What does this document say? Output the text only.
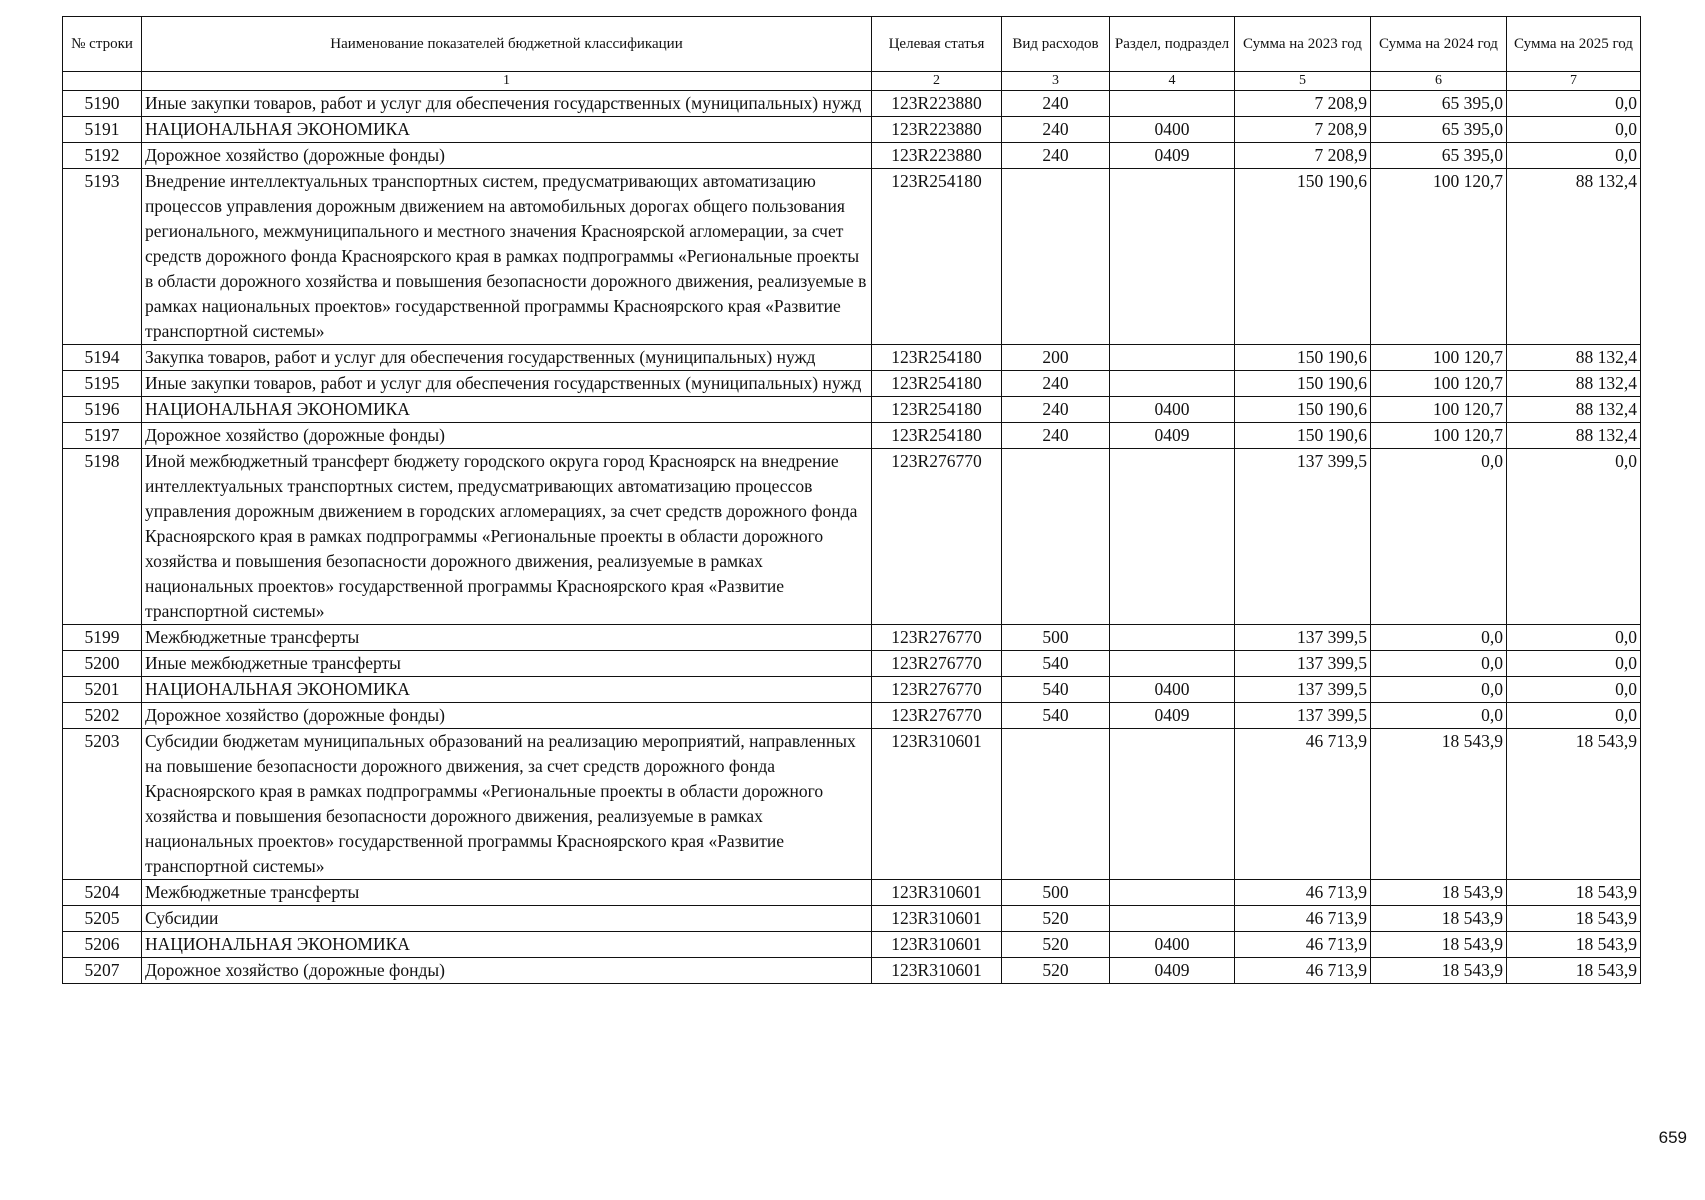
№ строки	Наименование показателей бюджетной классификации	Целевая статья	Вид расходов	Раздел, подраздел	Сумма на 2023 год	Сумма на 2024 год	Сумма на 2025 год
	1	2	3	4	5	6	7
5190	Иные закупки товаров, работ и услуг для обеспечения государственных (муниципальных) нужд	123R223880	240		7 208,9	65 395,0	0,0
5191	НАЦИОНАЛЬНАЯ ЭКОНОМИКА	123R223880	240	0400	7 208,9	65 395,0	0,0
5192	Дорожное хозяйство (дорожные фонды)	123R223880	240	0409	7 208,9	65 395,0	0,0
5193	Внедрение интеллектуальных транспортных систем, предусматривающих автоматизацию процессов управления дорожным движением на автомобильных дорогах общего пользования регионального, межмуниципального и местного значения Красноярской агломерации, за счет средств дорожного фонда Красноярского края в рамках подпрограммы «Региональные проекты в области дорожного хозяйства и повышения безопасности дорожного движения, реализуемые в рамках национальных проектов» государственной программы Красноярского края «Развитие транспортной системы»	123R254180			150 190,6	100 120,7	88 132,4
5194	Закупка товаров, работ и услуг для обеспечения государственных (муниципальных) нужд	123R254180	200		150 190,6	100 120,7	88 132,4
5195	Иные закупки товаров, работ и услуг для обеспечения государственных (муниципальных) нужд	123R254180	240		150 190,6	100 120,7	88 132,4
5196	НАЦИОНАЛЬНАЯ ЭКОНОМИКА	123R254180	240	0400	150 190,6	100 120,7	88 132,4
5197	Дорожное хозяйство (дорожные фонды)	123R254180	240	0409	150 190,6	100 120,7	88 132,4
5198	Иной межбюджетный трансферт бюджету городского округа город Красноярск на внедрение интеллектуальных транспортных систем, предусматривающих автоматизацию процессов управления дорожным движением в городских агломерациях, за счет средств дорожного фонда Красноярского края в рамках подпрограммы «Региональные проекты в области дорожного хозяйства и повышения безопасности дорожного движения, реализуемые в рамках национальных проектов» государственной программы Красноярского края «Развитие транспортной системы»	123R276770			137 399,5	0,0	0,0
5199	Межбюджетные трансферты	123R276770	500		137 399,5	0,0	0,0
5200	Иные межбюджетные трансферты	123R276770	540		137 399,5	0,0	0,0
5201	НАЦИОНАЛЬНАЯ ЭКОНОМИКА	123R276770	540	0400	137 399,5	0,0	0,0
5202	Дорожное хозяйство (дорожные фонды)	123R276770	540	0409	137 399,5	0,0	0,0
5203	Субсидии бюджетам муниципальных образований на реализацию мероприятий, направленных на повышение безопасности дорожного движения, за счет средств дорожного фонда Красноярского края в рамках подпрограммы «Региональные проекты в области дорожного хозяйства и повышения безопасности дорожного движения, реализуемые в рамках национальных проектов» государственной программы Красноярского края «Развитие транспортной системы»	123R310601			46 713,9	18 543,9	18 543,9
5204	Межбюджетные трансферты	123R310601	500		46 713,9	18 543,9	18 543,9
5205	Субсидии	123R310601	520		46 713,9	18 543,9	18 543,9
5206	НАЦИОНАЛЬНАЯ ЭКОНОМИКА	123R310601	520	0400	46 713,9	18 543,9	18 543,9
5207	Дорожное хозяйство (дорожные фонды)	123R310601	520	0409	46 713,9	18 543,9	18 543,9
659
